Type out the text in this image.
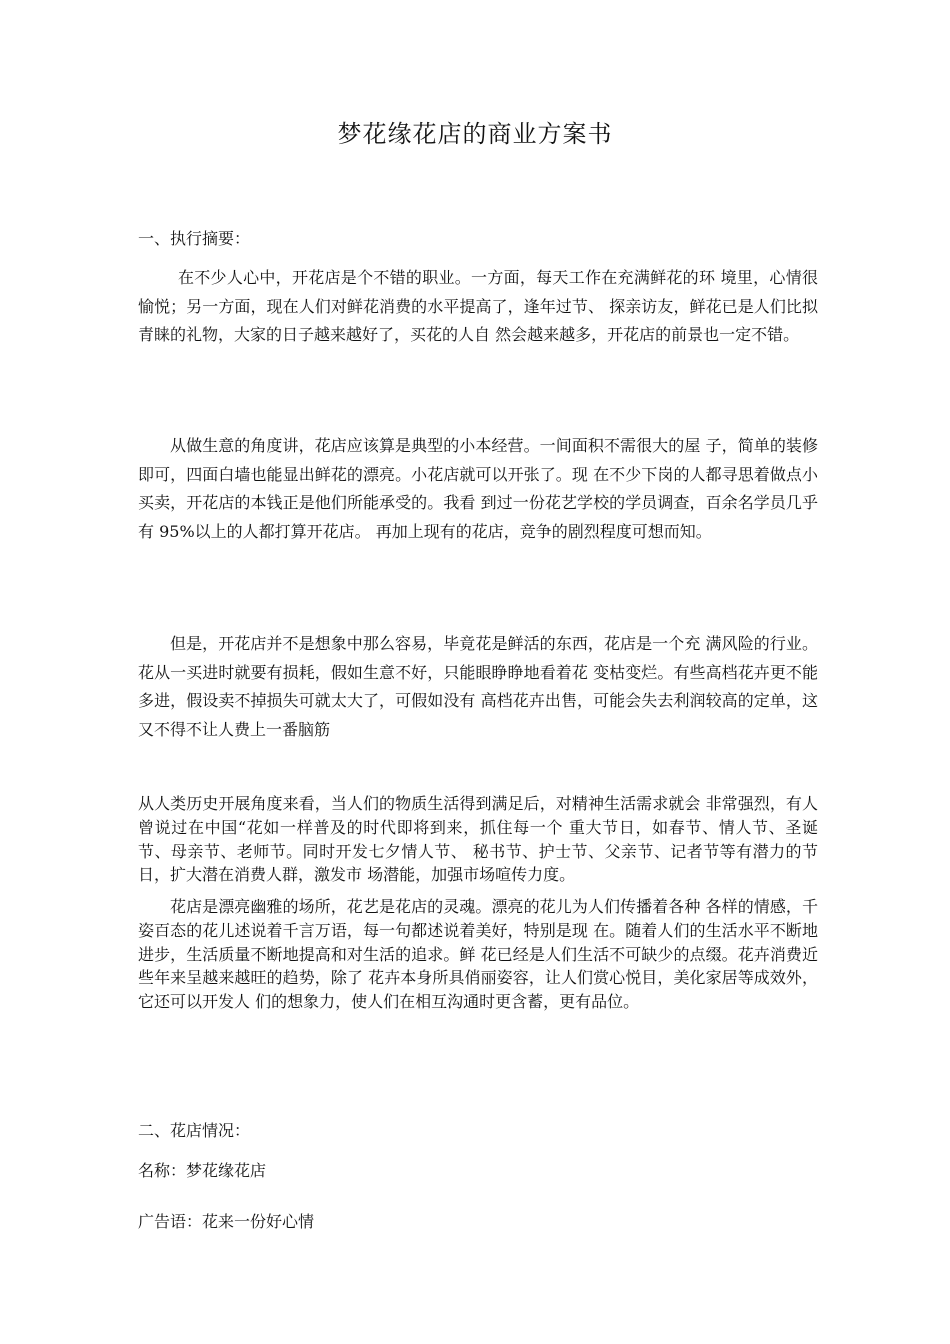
梦花缘花店的商业方案书
一、执行摘要：
在不少人心中，开花店是个不错的职业。一方面，每天工作在充满鲜花的环 境里，心情很愉悦；另一方面，现在人们对鲜花消费的水平提高了，逢年过节、 探亲访友，鲜花已是人们比拟青睐的礼物，大家的日子越来越好了，买花的人自 然会越来越多，开花店的前景也一定不错。
从做生意的角度讲，花店应该算是典型的小本经营。一间面积不需很大的屋 子，简单的装修即可，四面白墙也能显出鲜花的漂亮。小花店就可以开张了。现 在不少下岗的人都寻思着做点小买卖，开花店的本钱正是他们所能承受的。我看 到过一份花艺学校的学员调查，百余名学员几乎有 95%以上的人都打算开花店。 再加上现有的花店，竞争的剧烈程度可想而知。
但是，开花店并不是想象中那么容易，毕竟花是鲜活的东西，花店是一个充 满风险的行业。花从一买进时就要有损耗，假如生意不好，只能眼睁睁地看着花 变枯变烂。有些高档花卉更不能多进，假设卖不掉损失可就太大了，可假如没有 高档花卉出售，可能会失去利润较高的定单，这又不得不让人费上一番脑筋
从人类历史开展角度来看，当人们的物质生活得到满足后，对精神生活需求就会 非常强烈，有人曾说过在中国“花如一样普及的时代即将到来，抓住每一个 重大节日，如春节、情人节、圣诞节、母亲节、老师节。同时开发七夕情人节、 秘书节、护士节、父亲节、记者节等有潜力的节日，扩大潜在消费人群，激发市 场潜能，加强市场喧传力度。
花店是漂亮幽雅的场所，花艺是花店的灵魂。漂亮的花儿为人们传播着各种 各样的情感，千姿百态的花儿述说着千言万语，每一句都述说着美好，特别是现 在。随着人们的生活水平不断地进步，生活质量不断地提高和对生活的追求。鲜 花已经是人们生活不可缺少的点缀。花卉消费近些年来呈越来越旺的趋势，除了 花卉本身所具俏丽姿容，让人们赏心悦目，美化家居等成效外，它还可以开发人 们的想象力，使人们在相互沟通时更含蓄，更有品位。
二、花店情况：
名称：梦花缘花店
广告语：花来一份好心情
